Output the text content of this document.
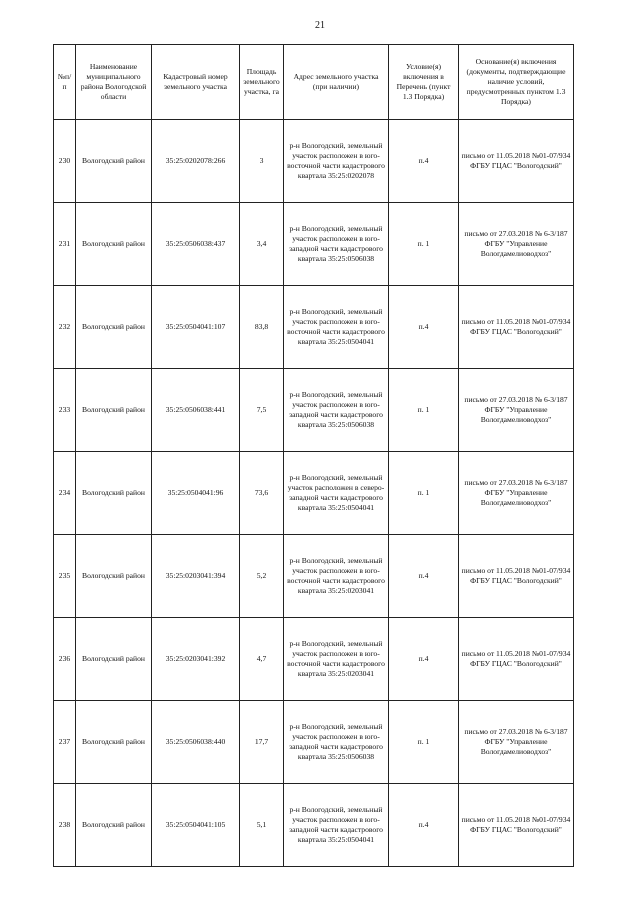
21
№п/п	Наименование муниципального района Вологодской области	Кадастровый номер земельного участка	Площадь земельного участка, га	Адрес земельного участка (при наличии)	Условие(я) включения в Перечень (пункт 1.3 Порядка)	Основание(я) включения (документы, подтверждающие наличие условий, предусмотренных пунктом 1.3 Порядка)
230	Вологодский район	35:25:0202078:266	3	р-н Вологодский, земельный участок расположен в юго-восточной части кадастрового квартала 35:25:0202078	п.4	письмо от 11.05.2018 №01-07/934 ФГБУ ГЦАС "Вологодский"
231	Вологодский район	35:25:0506038:437	3,4	р-н Вологодский, земельный участок расположен в юго-западной части кадастрового квартала 35:25:0506038	п. 1	письмо от 27.03.2018 № 6-3/187 ФГБУ "Управление Вологдамелиоводхоз"
232	Вологодский район	35:25:0504041:107	83,8	р-н Вологодский, земельный участок расположен в юго-восточной части кадастрового квартала 35:25:0504041	п.4	письмо от 11.05.2018 №01-07/934 ФГБУ ГЦАС "Вологодский"
233	Вологодский район	35:25:0506038:441	7,5	р-н Вологодский, земельный участок расположен в юго-западной части кадастрового квартала 35:25:0506038	п. 1	письмо от 27.03.2018 № 6-3/187 ФГБУ "Управление Вологдамелиоводхоз"
234	Вологодский район	35:25:0504041:96	73,6	р-н Вологодский, земельный участок расположен в северо-западной части кадастрового квартала 35:25:0504041	п. 1	письмо от 27.03.2018 № 6-3/187 ФГБУ "Управление Вологдамелиоводхоз"
235	Вологодский район	35:25:0203041:394	5,2	р-н Вологодский, земельный участок расположен в юго-восточной части кадастрового квартала 35:25:0203041	п.4	письмо от 11.05.2018 №01-07/934 ФГБУ ГЦАС "Вологодский"
236	Вологодский район	35:25:0203041:392	4,7	р-н Вологодский, земельный участок расположен в юго-восточной части кадастрового квартала 35:25:0203041	п.4	письмо от 11.05.2018 №01-07/934 ФГБУ ГЦАС "Вологодский"
237	Вологодский район	35:25:0506038:440	17,7	р-н Вологодский, земельный участок расположен в юго-западной части кадастрового квартала 35:25:0506038	п. 1	письмо от 27.03.2018 № 6-3/187 ФГБУ "Управление Вологдамелиоводхоз"
238	Вологодский район	35:25:0504041:105	5,1	р-н Вологодский, земельный участок расположен в юго-западной части кадастрового квартала 35:25:0504041	п.4	письмо от 11.05.2018 №01-07/934 ФГБУ ГЦАС "Вологодский"
